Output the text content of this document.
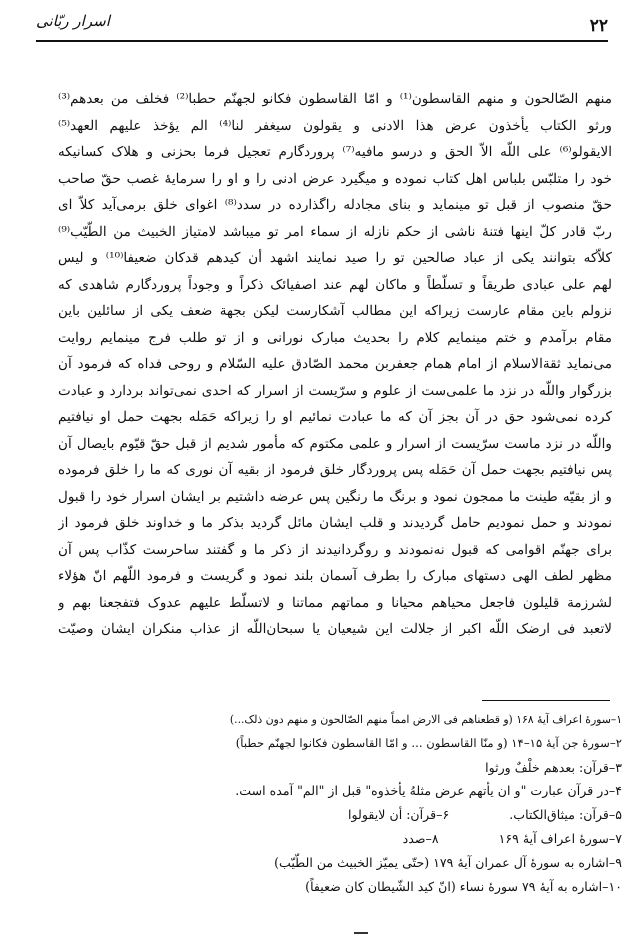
٢٢
اسرار ربّانی
منهم الصّالحون و منهم القاسطون⁽¹⁾ و امّا القاسطون فكانو لجهنّم حطبا⁽²⁾ فخلف من بعدهم⁽³⁾
ورثو الكتاب يأخذون عرض هذا الادنى و يقولون سيغفر لنا⁽⁴⁾ الم يؤخذ عليهم العهد⁽⁵⁾
الايقولو⁽⁶⁾ على اللّه الاّ الحق و درسو مافيه⁽⁷⁾ پروردگارم تعجيل فرما بحزنی و هلاک کسانیکه
خود را متلبّس بلباس اهل کتاب نموده و میگیرد عرض ادنی را و او را سرمایهٔ غصب حقّ صاحب
حقّ منصوب از قبل تو مینماید و بنای مجادله راگذارده در سدد⁽⁸⁾ اغوای خلق برمی‌آید کلاّ ای
ربّ قادر کلّ اینها فتنهٔ ناشی از حکم نازله از سماء امر تو میباشد لامتیاز الخبیث من الطّیّب⁽⁹⁾
کلاّکه بتوانند یکی از عباد صالحین تو را صید نمایند اشهد أن کیدهم قدکان ضعیفا⁽¹⁰⁾ و لیس
لهم علی عبادی طریقاً و تسلّطاً و ماکان لهم عند اصفیائک ذکراً و وجوداً پروردگارم شاهدی که
نزولم باین مقام عارست زیراکه این مطالب آشکارست لیکن بجهة ضعف یکی از سائلین باین
مقام برآمدم و ختم مینمایم کلام را بحدیث مبارک نورانی و از تو طلب فرج مینمایم روایت
می‌نماید ثقةالاسلام از امام همام جعفربن محمد الصّادق علیه السّلام و روحی فداه که فرمود آن
بزرگوار واللّه در نزد ما علمی‌ست از علوم و سرّیست از اسرار که احدی نمی‌تواند بردارد و عبادت
کرده نمی‌شود حق در آن بجز آن که ما عبادت نمائیم او را زیراکه حَمَله بجهت حمل او نیافتیم
واللّه در نزد ماست سرّیست از اسرار و علمی مکتوم که مأمور شدیم از قبل حقّ قیّوم بایصال آن
پس نیافتیم بجهت حمل آن حَمَله پس پروردگار خلق فرمود از بقیه آن نوری که ما را خلق فرموده
و از بقیّه طینت ما ممجون نمود و برنگ ما رنگین پس عرضه داشتیم بر ایشان اسرار خود را قبول
نمودند و حمل نمودیم حامل گردیدند و قلب ایشان مائل گردید بذکر ما و خداوند خلق فرمود از
برای جهنّم اقوامی که قبول نه‌نمودند و روگردانیدند از ذکر ما و گفتند ساحرست کذّاب پس آن
مظهر لطف الهی دستهای مبارک را بطرف آسمان بلند نمود و گریست و فرمود اللّهم انّ هؤلاء
لشرزمة قلیلون فاجعل محیاهم محیانا و مماتهم مماتنا و لاتسلّط علیهم عدوک فتفجعنا بهم و
لاتعبد فی ارضک اللّه اکبر از جلالت این شیعیان یا سبحان‌اللّه از عذاب منکران ایشان وصیّت
۱–سورهٔ اعراف آیهٔ ۱۶۸ (و قطعناهم فی الارض امماً منهم الصّالحون و منهم دون ذلک...)
۲–سورهٔ جن آیهٔ ۱۵–۱۴ (و منّا القاسطون ... و امّا القاسطون فکانوا لجهنّم حطباً)
۳–قرآن: بعدهم خلْفٌ ورثوا
۴–در قرآن عبارت "و ان یأتهم عرض مثلهُ یأخذوه" قبل از "الم" آمده است.
۵–قرآن: میثاق‌الکتاب.
۶–قرآن: أن لایقولوا
۷–سورهٔ اعراف آیهٔ ۱۶۹
۸–صدد
۹–اشاره به سورهٔ آل عمران آیهٔ ۱۷۹ (حتّی یمیّز الخبیث من الطّیّب)
۱۰–اشاره به آیهٔ ۷۹ سورهٔ نساء (انّ کید الشّیطان کان ضعیفاً)
